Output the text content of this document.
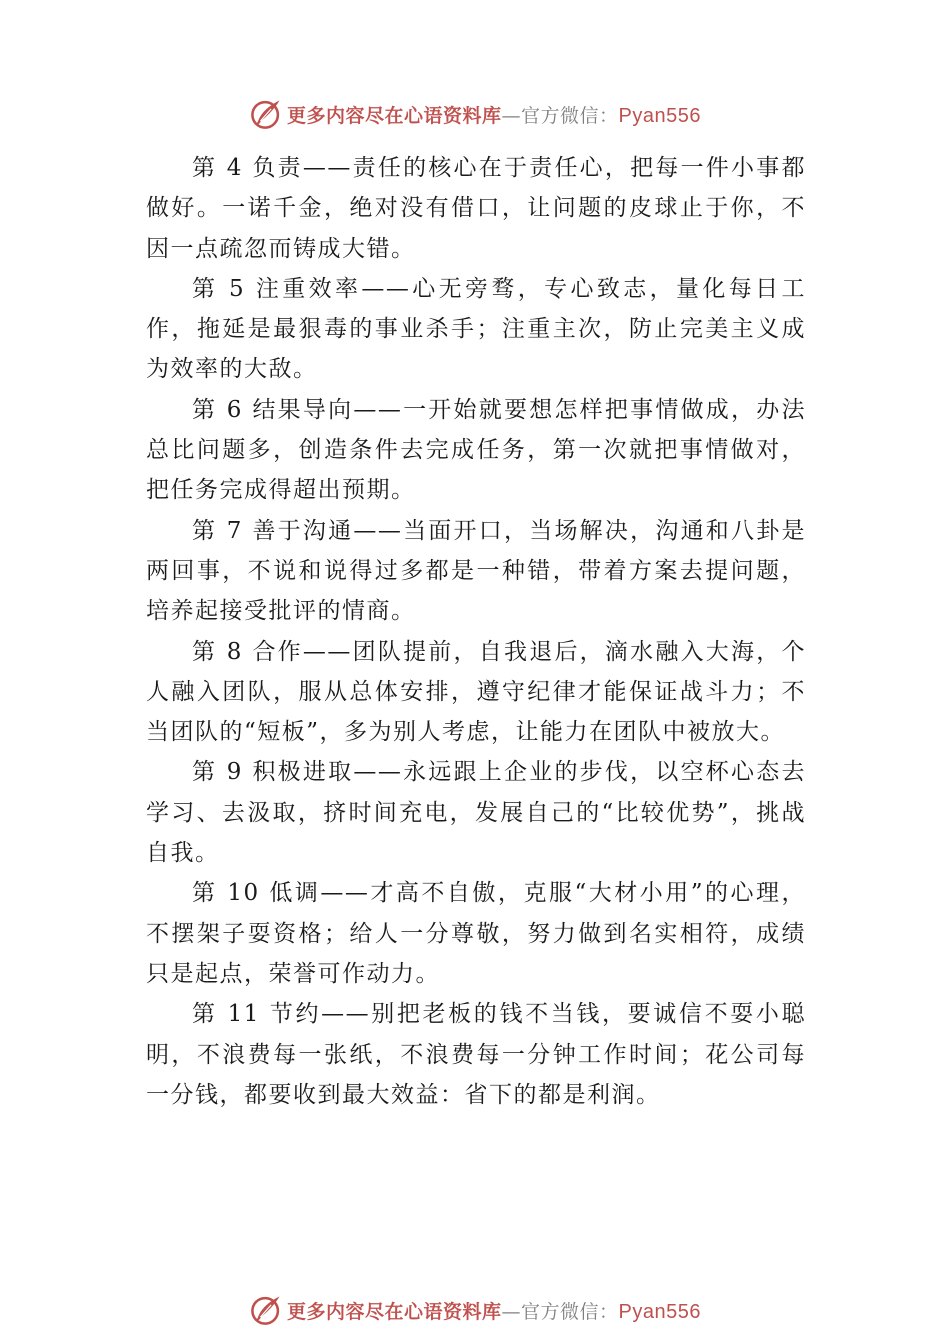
更多内容尽在心语资料库—官方微信：Pyan556

第 4 负责——责任的核心在于责任心，把每一件小事都做好。一诺千金，绝对没有借口，让问题的皮球止于你，不因一点疏忽而铸成大错。

第 5 注重效率——心无旁骛，专心致志，量化每日工作，拖延是最狠毒的事业杀手；注重主次，防止完美主义成为效率的大敌。

第 6 结果导向——一开始就要想怎样把事情做成，办法总比问题多，创造条件去完成任务，第一次就把事情做对，把任务完成得超出预期。

第 7 善于沟通——当面开口，当场解决，沟通和八卦是两回事，不说和说得过多都是一种错，带着方案去提问题，培养起接受批评的情商。

第 8 合作——团队提前，自我退后，滴水融入大海，个人融入团队，服从总体安排，遵守纪律才能保证战斗力；不当团队的“短板”，多为别人考虑，让能力在团队中被放大。

第 9 积极进取——永远跟上企业的步伐，以空杯心态去学习、去汲取，挤时间充电，发展自己的“比较优势”，挑战自我。

第 10 低调——才高不自傲，克服“大材小用”的心理，不摆架子耍资格；给人一分尊敬，努力做到名实相符，成绩只是起点，荣誉可作动力。

第 11 节约——别把老板的钱不当钱，要诚信不耍小聪明，不浪费每一张纸，不浪费每一分钟工作时间；花公司每一分钱，都要收到最大效益：省下的都是利润。

更多内容尽在心语资料库—官方微信：Pyan556
